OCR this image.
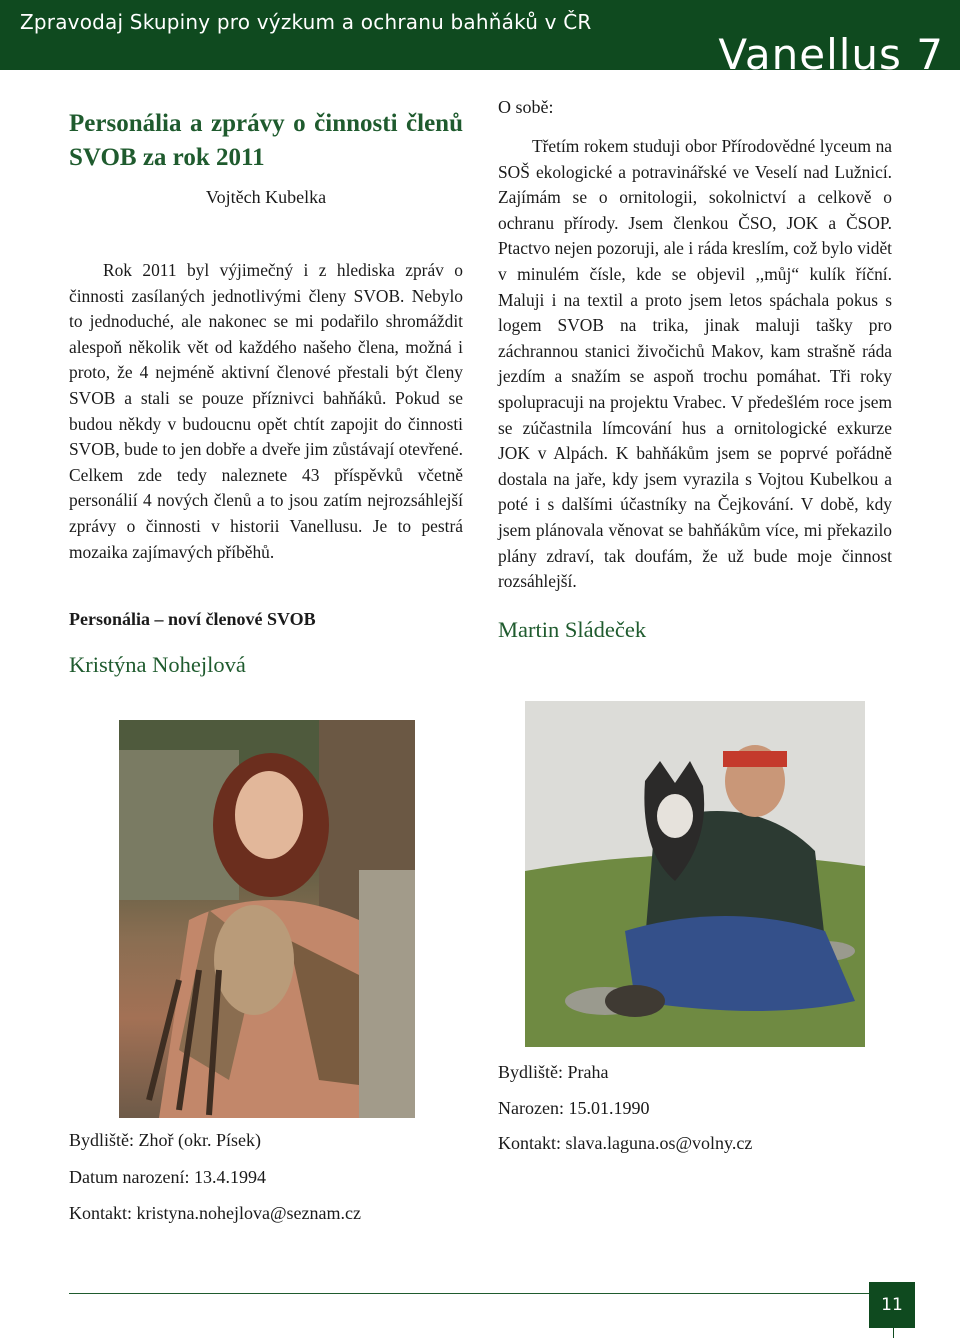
Zpravodaj Skupiny pro výzkum a ochranu bahňáků v ČR
Vanellus 7
Personália a zprávy o činnosti členů SVOB za rok 2011
Vojtěch Kubelka

Rok 2011 byl výjimečný i z hlediska zpráv o činnosti zasílaných jednotlivými členy SVOB. Nebylo to jednoduché, ale nakonec se mi podařilo shromáždit alespoň několik vět od každého našeho člena, možná i proto, že 4 nejméně aktivní členové přestali být členy SVOB a stali se pouze příznivci bahňáků. Pokud se budou někdy v budoucnu opět chtít zapojit do činnosti SVOB, bude to jen dobře a dveře jim zůstávají otevřené. Celkem zde tedy naleznete 43 příspěvků včetně personálií 4 nových členů a to jsou zatím nejrozsáhlejší zprávy o činnosti v historii Vanellusu. Je to pestrá mozaika zajímavých příběhů.

Personália – noví členové SVOB
Kristýna Nohejlová
Bydliště: Zhoř (okr. Písek)
Datum narození: 13.4.1994
Kontakt: kristyna.nohejlova@seznam.cz
O sobě:

Třetím rokem studuji obor Přírodovědné lyceum na SOŠ ekologické a potravinářské ve Veselí nad Lužnicí. Zajímám se o ornitologii, sokolnictví a celkově o ochranu přírody. Jsem členkou ČSO, JOK a ČSOP. Ptactvo nejen pozoruji, ale i ráda kreslím, což bylo vidět v minulém čísle, kde se objevil ,,můj“ kulík říční. Maluji i na textil a proto jsem letos spáchala pokus s logem SVOB na trika, jinak maluji tašky pro záchrannou stanici živočichů Makov, kam strašně ráda jezdím a snažím se aspoň trochu pomáhat. Tři roky spolupracuji na projektu Vrabec. V předešlém roce jsem se zúčastnila límcování hus a ornitologické exkurze JOK v Alpách. K bahňákům jsem se poprvé pořádně dostala na jaře, kdy jsem vyrazila s Vojtou Kubelkou a poté i s dalšími účastníky na Čejkování. V době, kdy jsem plánovala věnovat se bahňákům více, mi překazilo plány zdraví, tak doufám, že už bude moje činnost rozsáhlejší.

Martin Sládeček
Bydliště: Praha
Narozen: 15.01.1990
Kontakt: slava.laguna.os@volny.cz
11
